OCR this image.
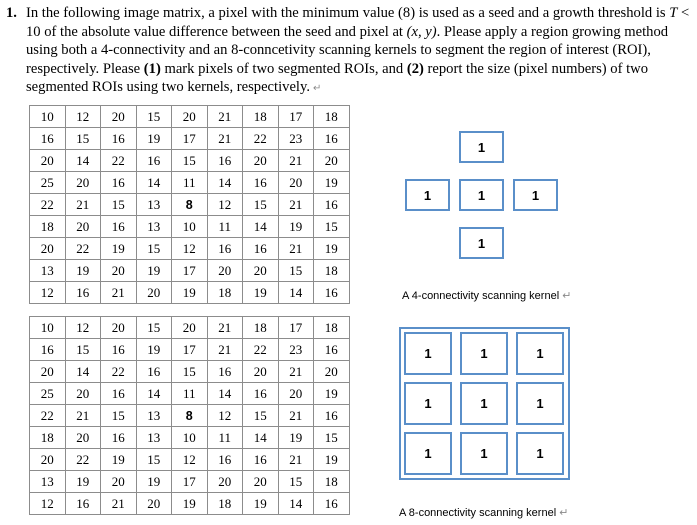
1. In the following image matrix, a pixel with the minimum value (8) is used as a seed and a growth threshold is T < 10 of the absolute value difference between the seed and pixel at (x, y). Please apply a region growing method using both a 4-connectivity and an 8-conncetivity scanning kernels to segment the region of interest (ROI), respectively. Please (1) mark pixels of two segmented ROIs, and (2) report the size (pixel numbers) of two segmented ROIs using two kernels, respectively. ↵
10	12	20	15	20	21	18	17	18
16	15	16	19	17	21	22	23	16
20	14	22	16	15	16	20	21	20
25	20	16	14	11	14	16	20	19
22	21	15	13	8	12	15	21	16
18	20	16	13	10	11	14	19	15
20	22	19	15	12	16	16	21	19
13	19	20	19	17	20	20	15	18
12	16	21	20	19	18	19	14	16
10	12	20	15	20	21	18	17	18
16	15	16	19	17	21	22	23	16
20	14	22	16	15	16	20	21	20
25	20	16	14	11	14	16	20	19
22	21	15	13	8	12	15	21	16
18	20	16	13	10	11	14	19	15
20	22	19	15	12	16	16	21	19
13	19	20	19	17	20	20	15	18
12	16	21	20	19	18	19	14	16
1
1	1	1
1
A 4-connectivity scanning kernel ↵
1	1	1
1	1	1
1	1	1
A 8-connectivity scanning kernel ↵
